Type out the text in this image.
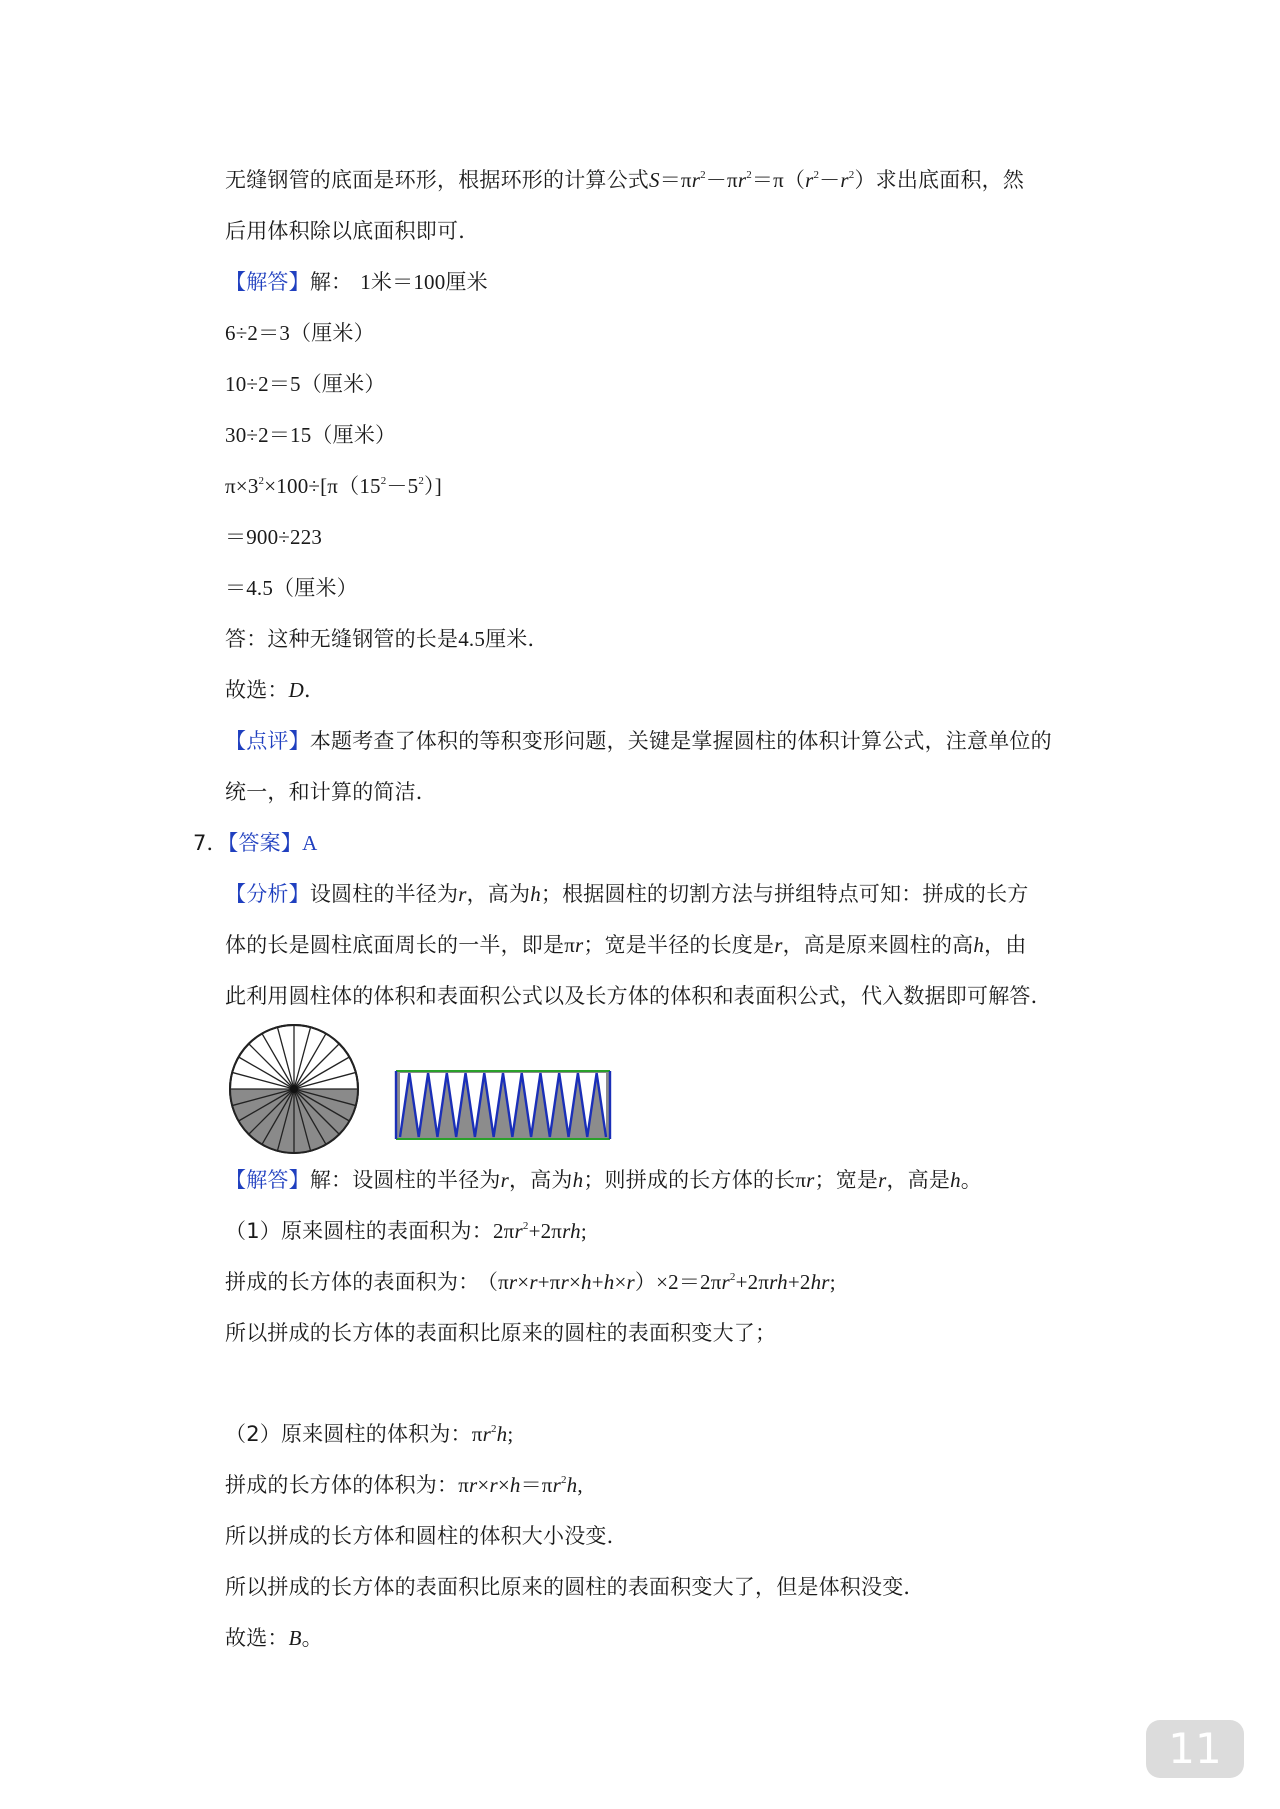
无缝钢管的底面是环形，根据环形的计算公式$S=\pi r^2-\pi r^2=\pi(r^2-r^2)$求出底面积，然
后用体积除以底面积即可．
【解答】解： 1米＝100厘米
6÷2＝3（厘米）
10÷2＝5（厘米）
30÷2＝15（厘米）
$\pi\times 3^2\times 100\div[\pi(15^2-5^2)]$
＝900÷223
＝4.5（厘米）
答：这种无缝钢管的长是4.5厘米．
故选：D．
【点评】本题考查了体积的等积变形问题，关键是掌握圆柱的体积计算公式，注意单位的
统一，和计算的简洁．
7．【答案】A
【分析】设圆柱的半径为r，高为h；根据圆柱的切割方法与拼组特点可知：拼成的长方
体的长是圆柱底面周长的一半，即是πr；宽是半径的长度是r，高是原来圆柱的高h，由
此利用圆柱体的体积和表面积公式以及长方体的体积和表面积公式，代入数据即可解答．
【解答】解：设圆柱的半径为r，高为h；则拼成的长方体的长πr；宽是r，高是h。
（1）原来圆柱的表面积为：$2\pi r^2+2\pi rh$;
拼成的长方体的表面积为： $(\pi r\times r+\pi r\times h+h\times r)\times 2=2\pi r^2+2\pi rh+2hr$;
所以拼成的长方体的表面积比原来的圆柱的表面积变大了；
（2）原来圆柱的体积为：$\pi r^2h$;
拼成的长方体的体积为：$\pi r\times r\times h=\pi r^2h$,
所以拼成的长方体和圆柱的体积大小没变．
所以拼成的长方体的表面积比原来的圆柱的表面积变大了，但是体积没变．
故选：B。
11
